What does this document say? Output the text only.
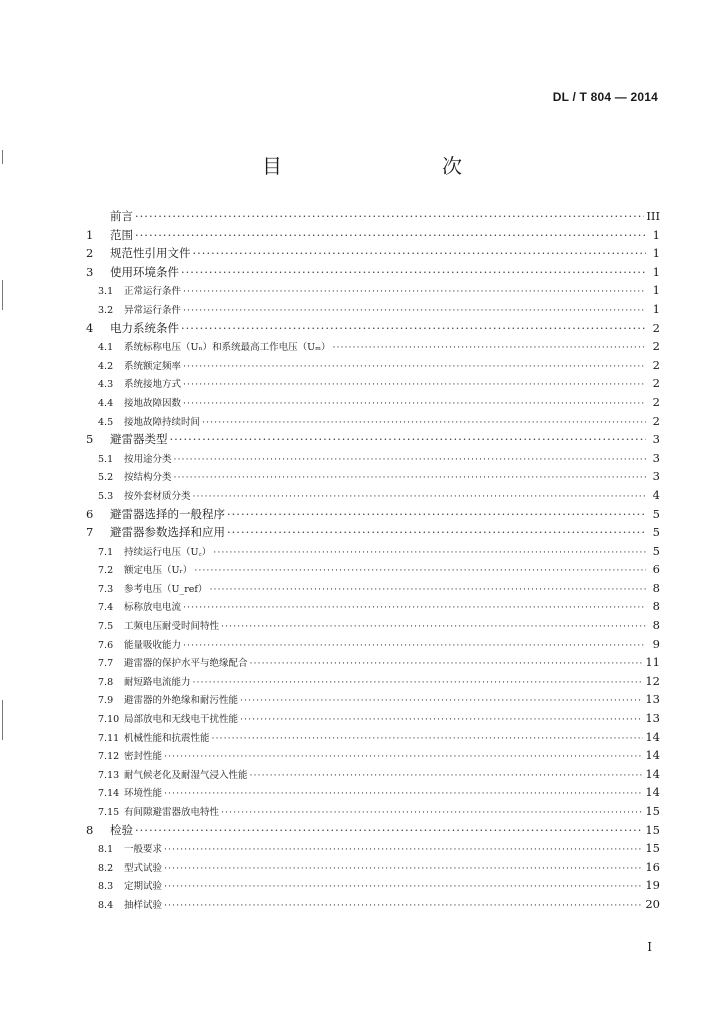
DL / T 804 — 2014
目　　次
前言 ·····	III
1	范围 ·····	1
2	规范性引用文件 ·····	1
3	使用环境条件 ·····	1
3.1	正常运行条件 ·····	1
3.2	异常运行条件 ·····	1
4	电力系统条件 ·····	2
4.1	系统标称电压（Uₙ）和系统最高工作电压（Uₘ） ·····	2
4.2	系统额定频率 ·····	2
4.3	系统接地方式 ·····	2
4.4	接地故障因数 ·····	2
4.5	接地故障持续时间 ·····	2
5	避雷器类型 ·····	3
5.1	按用途分类 ·····	3
5.2	按结构分类 ·····	3
5.3	按外套材质分类 ·····	4
6	避雷器选择的一般程序 ·····	5
7	避雷器参数选择和应用 ·····	5
7.1	持续运行电压（U꜀） ·····	5
7.2	额定电压（Uᵣ） ·····	6
7.3	参考电压（U_ref） ·····	8
7.4	标称放电电流 ·····	8
7.5	工频电压耐受时间特性 ·····	8
7.6	能量吸收能力 ·····	9
7.7	避雷器的保护水平与绝缘配合 ·····	11
7.8	耐短路电流能力 ·····	12
7.9	避雷器的外绝缘和耐污性能 ·····	13
7.10 局部放电和无线电干扰性能 ·····	13
7.11 机械性能和抗震性能 ·····	14
7.12 密封性能 ·····	14
7.13 耐气候老化及耐湿气浸入性能 ·····	14
7.14 环境性能 ·····	14
7.15 有间隙避雷器放电特性 ·····	15
8	检验 ·····	15
8.1	一般要求 ·····	15
8.2	型式试验 ·····	16
8.3	定期试验 ·····	19
8.4	抽样试验 ·····	20
I
